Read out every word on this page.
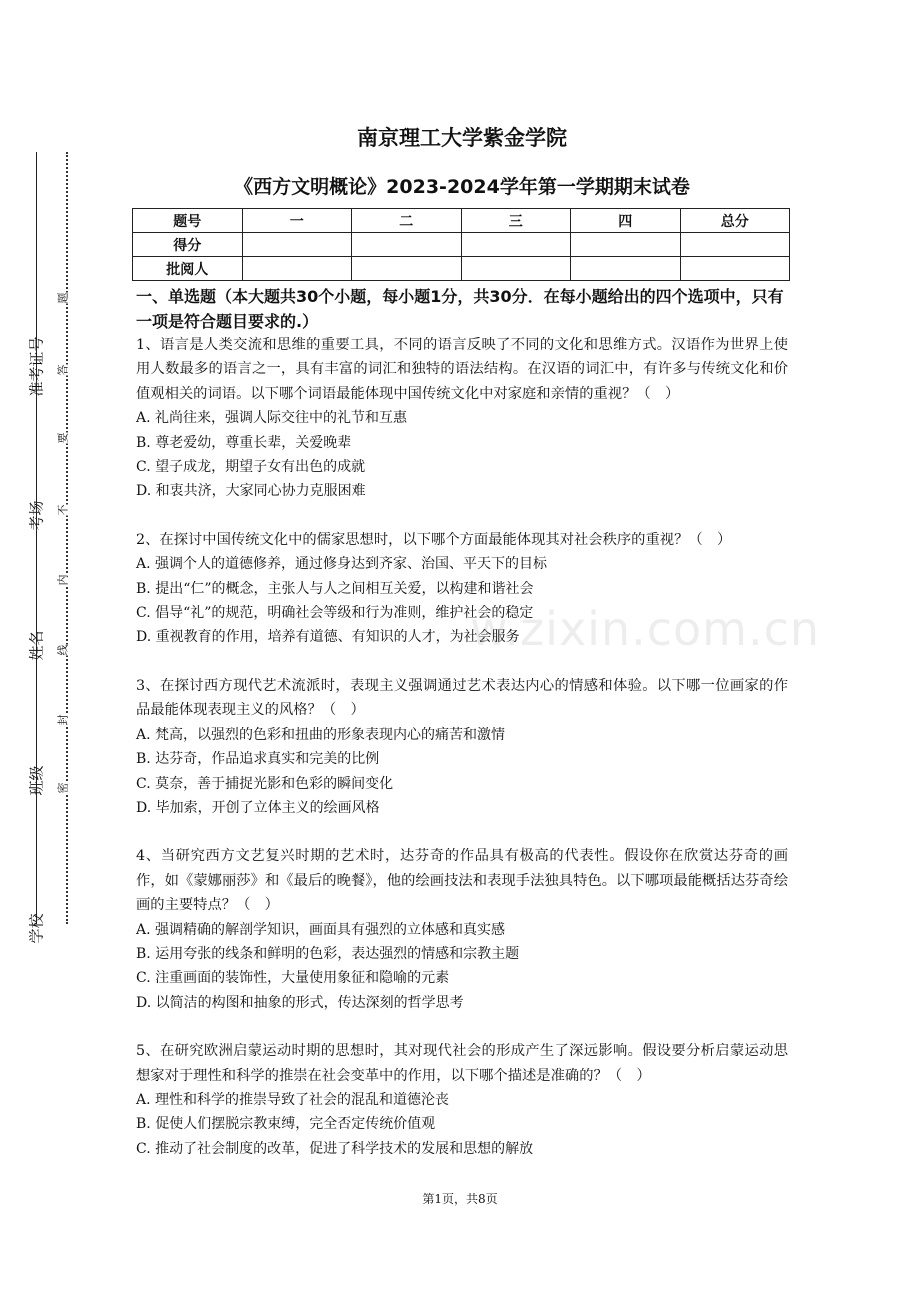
准考证号
考场
姓名
班级
学校
题
答
要
不
内
线
封
密
w.zixin.com.cn
南京理工大学紫金学院
《西方文明概论》2023-2024学年第一学期期末试卷
题号	一	二	三	四	总分
得分					
批阅人					
一、单选题（本大题共30个小题，每小题1分，共30分．在每小题给出的四个选项中，只有一项是符合题目要求的.）
1、语言是人类交流和思维的重要工具，不同的语言反映了不同的文化和思维方式。汉语作为世界上使用人数最多的语言之一，具有丰富的词汇和独特的语法结构。在汉语的词汇中，有许多与传统文化和价值观相关的词语。以下哪个词语最能体现中国传统文化中对家庭和亲情的重视？（　）
A. 礼尚往来，强调人际交往中的礼节和互惠
B. 尊老爱幼，尊重长辈，关爱晚辈
C. 望子成龙，期望子女有出色的成就
D. 和衷共济，大家同心协力克服困难
2、在探讨中国传统文化中的儒家思想时，以下哪个方面最能体现其对社会秩序的重视？（　）
A. 强调个人的道德修养，通过修身达到齐家、治国、平天下的目标
B. 提出“仁”的概念，主张人与人之间相互关爱，以构建和谐社会
C. 倡导“礼”的规范，明确社会等级和行为准则，维护社会的稳定
D. 重视教育的作用，培养有道德、有知识的人才，为社会服务
3、在探讨西方现代艺术流派时，表现主义强调通过艺术表达内心的情感和体验。以下哪一位画家的作品最能体现表现主义的风格？（　）
A. 梵高，以强烈的色彩和扭曲的形象表现内心的痛苦和激情
B. 达芬奇，作品追求真实和完美的比例
C. 莫奈，善于捕捉光影和色彩的瞬间变化
D. 毕加索，开创了立体主义的绘画风格
4、当研究西方文艺复兴时期的艺术时，达芬奇的作品具有极高的代表性。假设你在欣赏达芬奇的画作，如《蒙娜丽莎》和《最后的晚餐》，他的绘画技法和表现手法独具特色。以下哪项最能概括达芬奇绘画的主要特点？（　）
A. 强调精确的解剖学知识，画面具有强烈的立体感和真实感
B. 运用夸张的线条和鲜明的色彩，表达强烈的情感和宗教主题
C. 注重画面的装饰性，大量使用象征和隐喻的元素
D. 以简洁的构图和抽象的形式，传达深刻的哲学思考
5、在研究欧洲启蒙运动时期的思想时，其对现代社会的形成产生了深远影响。假设要分析启蒙运动思想家对于理性和科学的推崇在社会变革中的作用，以下哪个描述是准确的？（　）
A. 理性和科学的推崇导致了社会的混乱和道德沦丧
B. 促使人们摆脱宗教束缚，完全否定传统价值观
C. 推动了社会制度的改革，促进了科学技术的发展和思想的解放
第1页，共8页
